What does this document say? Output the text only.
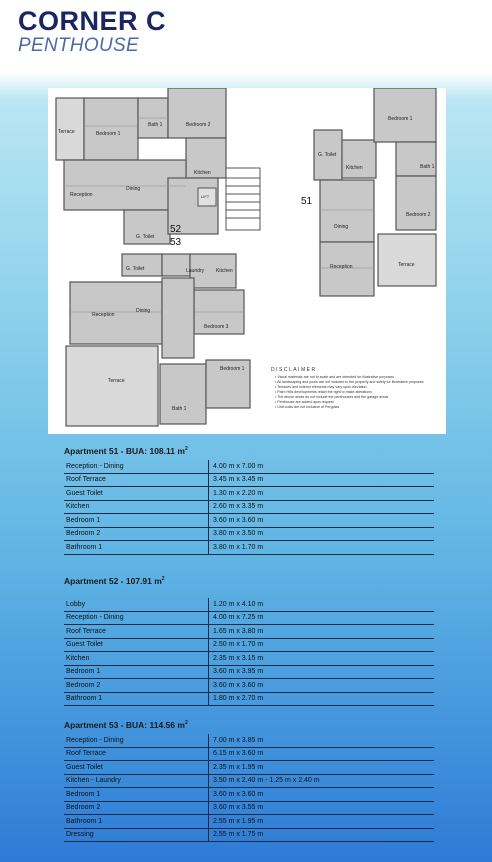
CORNER C
PENTHOUSE
Terrace	Bedroom 1
Bath 1	Bedroom 2
Kitchen
Dining
Reception	LIFT
G. Toilet
52
53
G. Toilet	Laundry Kitchen
Reception
Dining
Bedroom 3
Terrace
Bedroom 1
Bath 1
51
G. Toilet
Kitchen
Bedroom 1
Bath 1
Bedroom 2
Dining
Reception	Terrace
DISCLAIMER
• Visual materials are not to scale and are intended for illustrative purposes
• All landscaping and pools are not included in the property and solely for illustrative purposes
• Terraces and exterior elements may vary upon elevation
• Palm Hills developments retain the right to make alterations
• The above areas do not include the penthouses and the garage areas
• Penthouse are added upon request
• Unit costs are not inclusive of Pergolas
Apartment 51 - BUA: 108.11 $m^2$
Reception - Dining	4.00 m x 7.00 m
Roof Terrace	3.45 m x 3.45 m
Guest Toilet	1.30 m x 2.20 m
Kitchen	2.60 m x 3.35 m
Bedroom 1	3.60 m x 3.60 m
Bedroom 2	3.80 m x 3.50 m
Bathroom 1	3.80 m x 1.70 m
Apartment 52 - 107.91 $m^2$
Lobby	1.20 m x 4.10 m
Reception - Dining	4.00 m x 7.25 m
Roof Terrace	1.65 m x 3.80 m
Guest Toilet	2.50 m x 1.70 m
Kitchen	2.35 m x 3.15 m
Bedroom 1	3.60 m x 3.95 m
Bedroom 2	3.60 m x 3.60 m
Bathroom 1	1.80 m x 2.70 m
Apartment 53 - BUA: 114.56 $m^2$
Reception - Dining	7.00 m x 3.85 m
Roof Terrace	6.15 m x 3.60 m
Guest Toilet	2.35 m x 1.95 m
Kitchen - Laundry	3.50 m x 2.40 m - 1.25 m x 2.40 m
Bedroom 1	3.60 m x 3.60 m
Bedroom 2	3.60 m x 3.55 m
Bathroom 1	2.55 m x 1.95 m
Dressing	2.55 m x 1.75 m
